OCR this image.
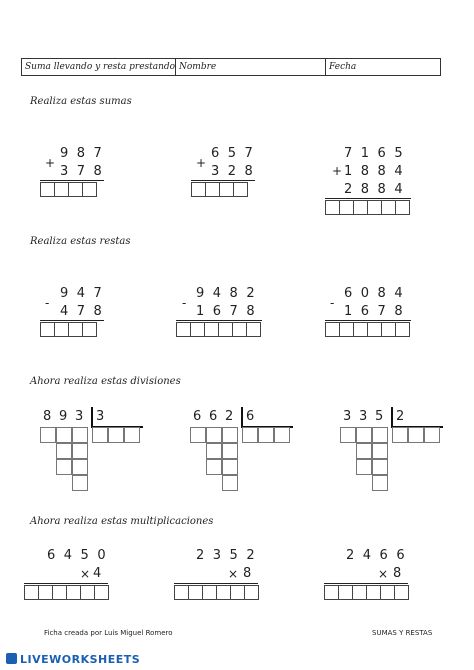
Suma llevando y resta prestando Nombre	Fecha
Realiza estas sumas
Realiza estas restas
Ahora realiza estas divisiones
Ahora realiza estas multiplicaciones
987
+
378
657
+
328
7165
+ 1884
2884
947
-
478
9482
-
1678
6084
-
1678
8 9 3 3	6 6 2 6	3 3 5 2
6450
× 4
2352
× 8
2466
× 8
Ficha creada por Luis Miguel Romero	SUMAS Y RESTAS
LIVEWORKSHEETS
